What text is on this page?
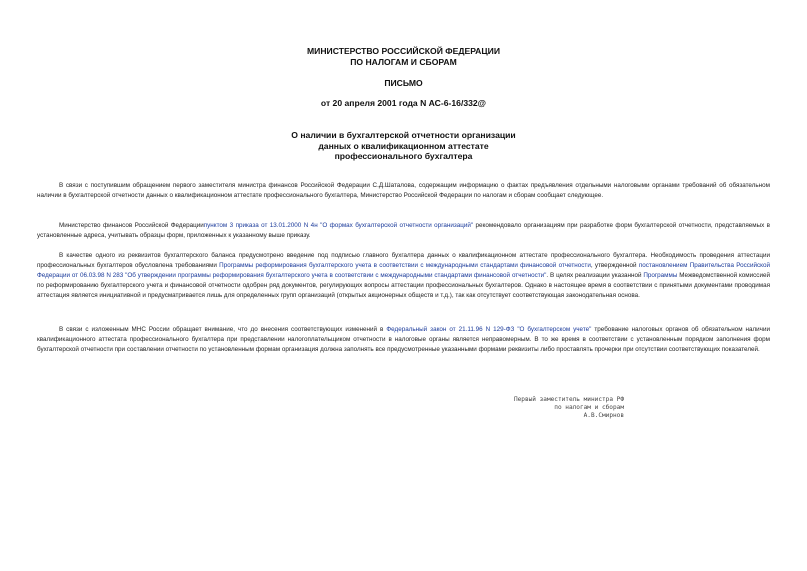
МИНИСТЕРСТВО РОССИЙСКОЙ ФЕДЕРАЦИИ
ПО НАЛОГАМ И СБОРАМ
ПИСЬМО
от 20 апреля 2001 года N АС-6-16/332@
О наличии в бухгалтерской отчетности организации
данных о квалификационном аттестате
профессионального бухгалтера

В связи с поступившим обращением первого заместителя министра финансов Российской Федерации С.Д.Шаталова, содержащим информацию о фактах предъявления отдельными налоговыми органами требований об обязательном наличии в бухгалтерской отчетности данных о квалификационном аттестате профессионального бухгалтера, Министерство Российской Федерации по налогам и сборам сообщает следующее.

Министерство финансов Российской Федерациипунктом 3 приказа от 13.01.2000 N 4н "О формах бухгалтерской отчетности организаций" рекомендовало организациям при разработке форм бухгалтерской отчетности, представляемых в установленные адреса, учитывать образцы форм, приложенных к указанному выше приказу.

В качестве одного из реквизитов бухгалтерского баланса предусмотрено введение под подписью главного бухгалтера данных о квалификационном аттестате профессионального бухгалтера. Необходимость проведения аттестации профессиональных бухгалтеров обусловлена требованиями Программы реформирования бухгалтерского учета в соответствии с международными стандартами финансовой отчетности, утвержденной постановлением Правительства Российской Федерации от 06.03.98 N 283 "Об утверждении программы реформирования бухгалтерского учета в соответствии с международными стандартами финансовой отчетности". В целях реализации указанной Программы Межведомственной комиссией по реформированию бухгалтерского учета и финансовой отчетности одобрен ряд документов, регулирующих вопросы аттестации профессиональных бухгалтеров. Однако в настоящее время в соответствии с принятыми документами проводимая аттестация является инициативной и предусматривается лишь для определенных групп организаций (открытых акционерных обществ и т.д.), так как отсутствует соответствующая законодательная основа.

В связи с изложенным МНС России обращает внимание, что до внесения соответствующих изменений в Федеральный закон от 21.11.96 N 129-ФЗ "О бухгалтерском учете" требование налоговых органов об обязательном наличии квалификационного аттестата профессионального бухгалтера при представлении налогоплательщиком отчетности в налоговые органы является неправомерным. В то же время в соответствии с установленным порядком заполнения форм бухгалтерской отчетности при составлении отчетности по установленным формам организация должна заполнять все предусмотренные указанными формами реквизиты либо проставлять прочерки при отсутствии соответствующих показателей.

Первый заместитель министра РФ
по налогам и сборам
А.В.Смирнов
